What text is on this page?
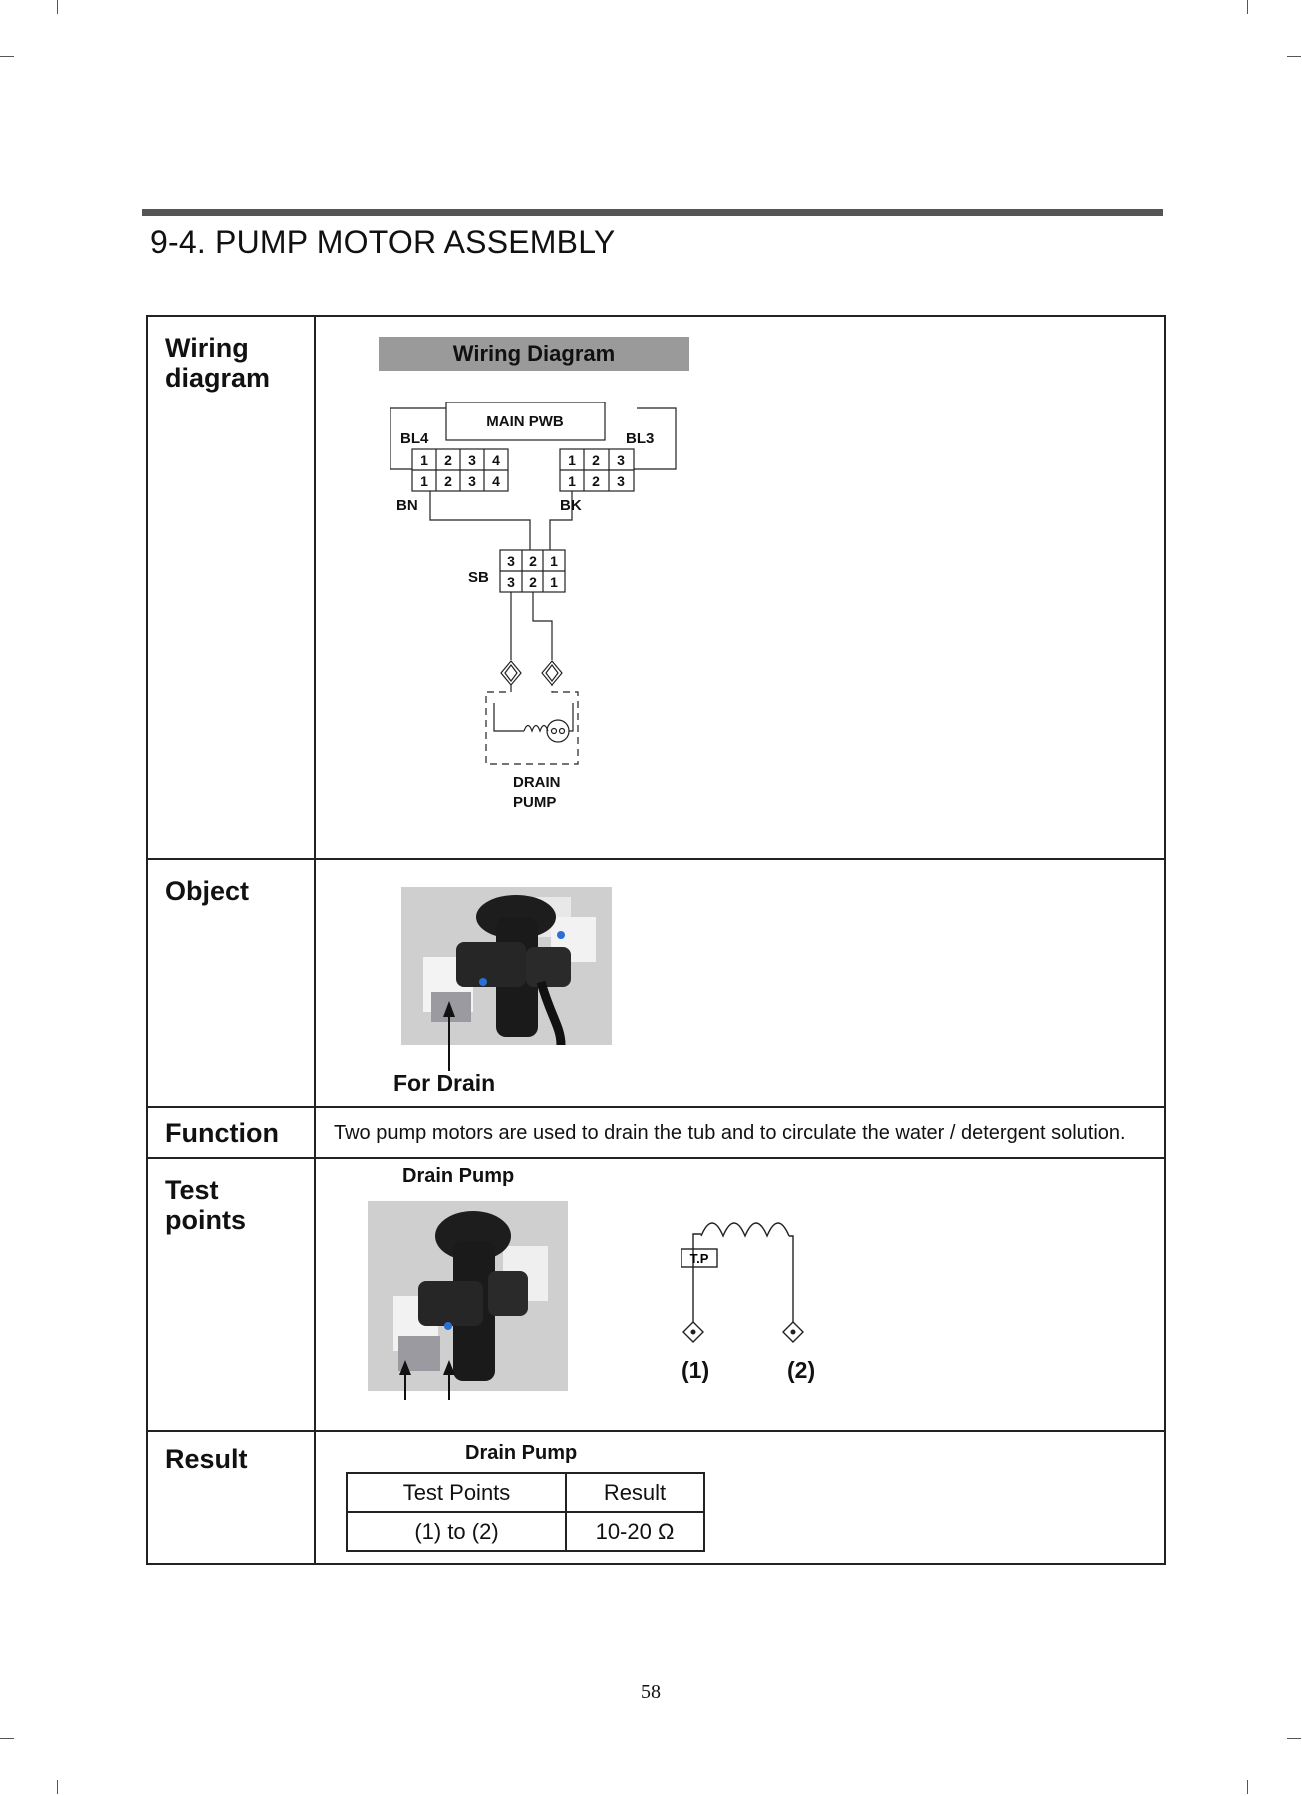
9-4. PUMP MOTOR ASSEMBLY
Wiring diagram

Wiring Diagram
MAIN PWB
BL4	BL3
1 2 3 4
1 2 3 4
1 2 3
1 2 3
BN	BK
SB
3 2 1
3 2 1
DRAIN
PUMP

Object

For Drain

Function	Two pump motors are used to drain the tub and to circulate the water / detergent solution.

Test points

Drain Pump
T.P
(1)	(2)

Result	Drain Pump
Test Points	Result
(1) to (2)	10-20 Ω
58
